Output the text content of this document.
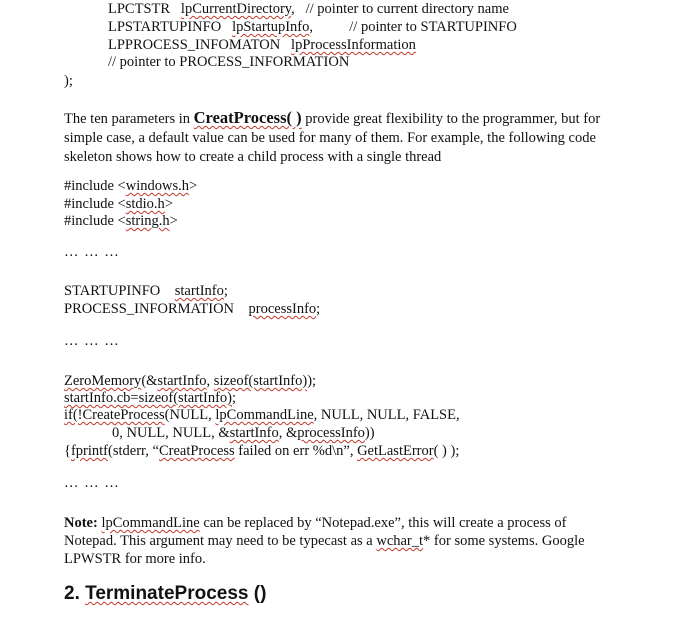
LPCTSTR lpCurrentDirectory,   // pointer to current directory name
LPSTARTUPINFO lpStartupInfo,          // pointer to STARTUPINFO
LPPROCESS_INFOMATON lpProcessInformation
// pointer to PROCESS_INFORMATION
);
The ten parameters in CreatProcess( ) provide great flexibility to the programmer, but for simple case, a default value can be used for many of them. For example, the following code skeleton shows how to create a child process with a single thread
#include <windows.h>
#include <stdio.h>
#include <string.h>
… … …
STARTUPINFO startInfo;
PROCESS_INFORMATION processInfo;
… … …
ZeroMemory(&startInfo, sizeof(startInfo));
startInfo.cb=sizeof(startInfo);
if(!CreateProcess(NULL, lpCommandLine, NULL, NULL, FALSE,
0, NULL, NULL, &startInfo, &processInfo))
{fprintf(stderr, “CreatProcess failed on err %d\n”, GetLastError( ) );
… … …
Note: lpCommandLine can be replaced by “Notepad.exe”, this will create a process of Notepad. This argument may need to be typecast as a wchar_t* for some systems. Google LPWSTR for more info.
2. TerminateProcess ()
